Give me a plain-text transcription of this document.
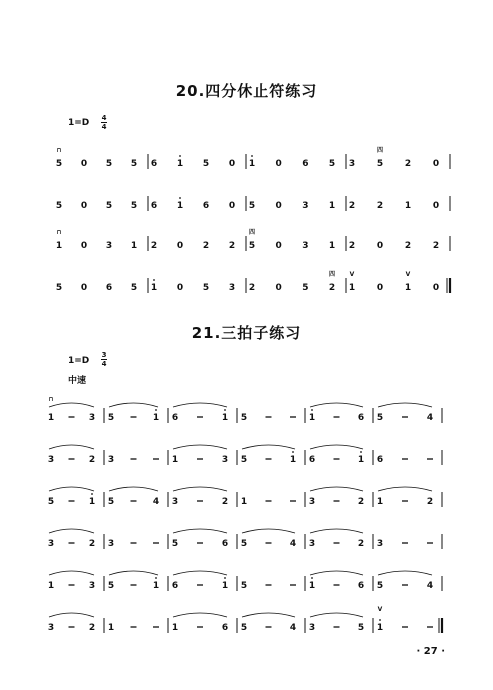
20.四分休止符练习
1=D 4
4
21.三拍子练习
1=D
3
4
中速
5 0 5 5 6 1 5 0 1 0 6 5 3 5 2 0
5 0 5 5 6 1 6 0 5 0 3 1 2 2 1 0
1 0 3 1 2 0 2 2 5 0 3 1 2 0 2 2
5 0 6 5 1 0 5 3 2 0 5 2 1 0 1 0
⊓	四
⊓	四
四 V	V
1	3 5	1 6	1 5	1	6 5	4
3	2 3	1	3 5	1 6	1 6
5	1 5	4 3	2 1	3	2 1	2
3	2 3	5	6 5	4 3	2 3
1	3 5	1 6	1 5	1	6 5	4
3	2 1	1	6 5	4 3	5 1
⊓
V
· 27 ·
